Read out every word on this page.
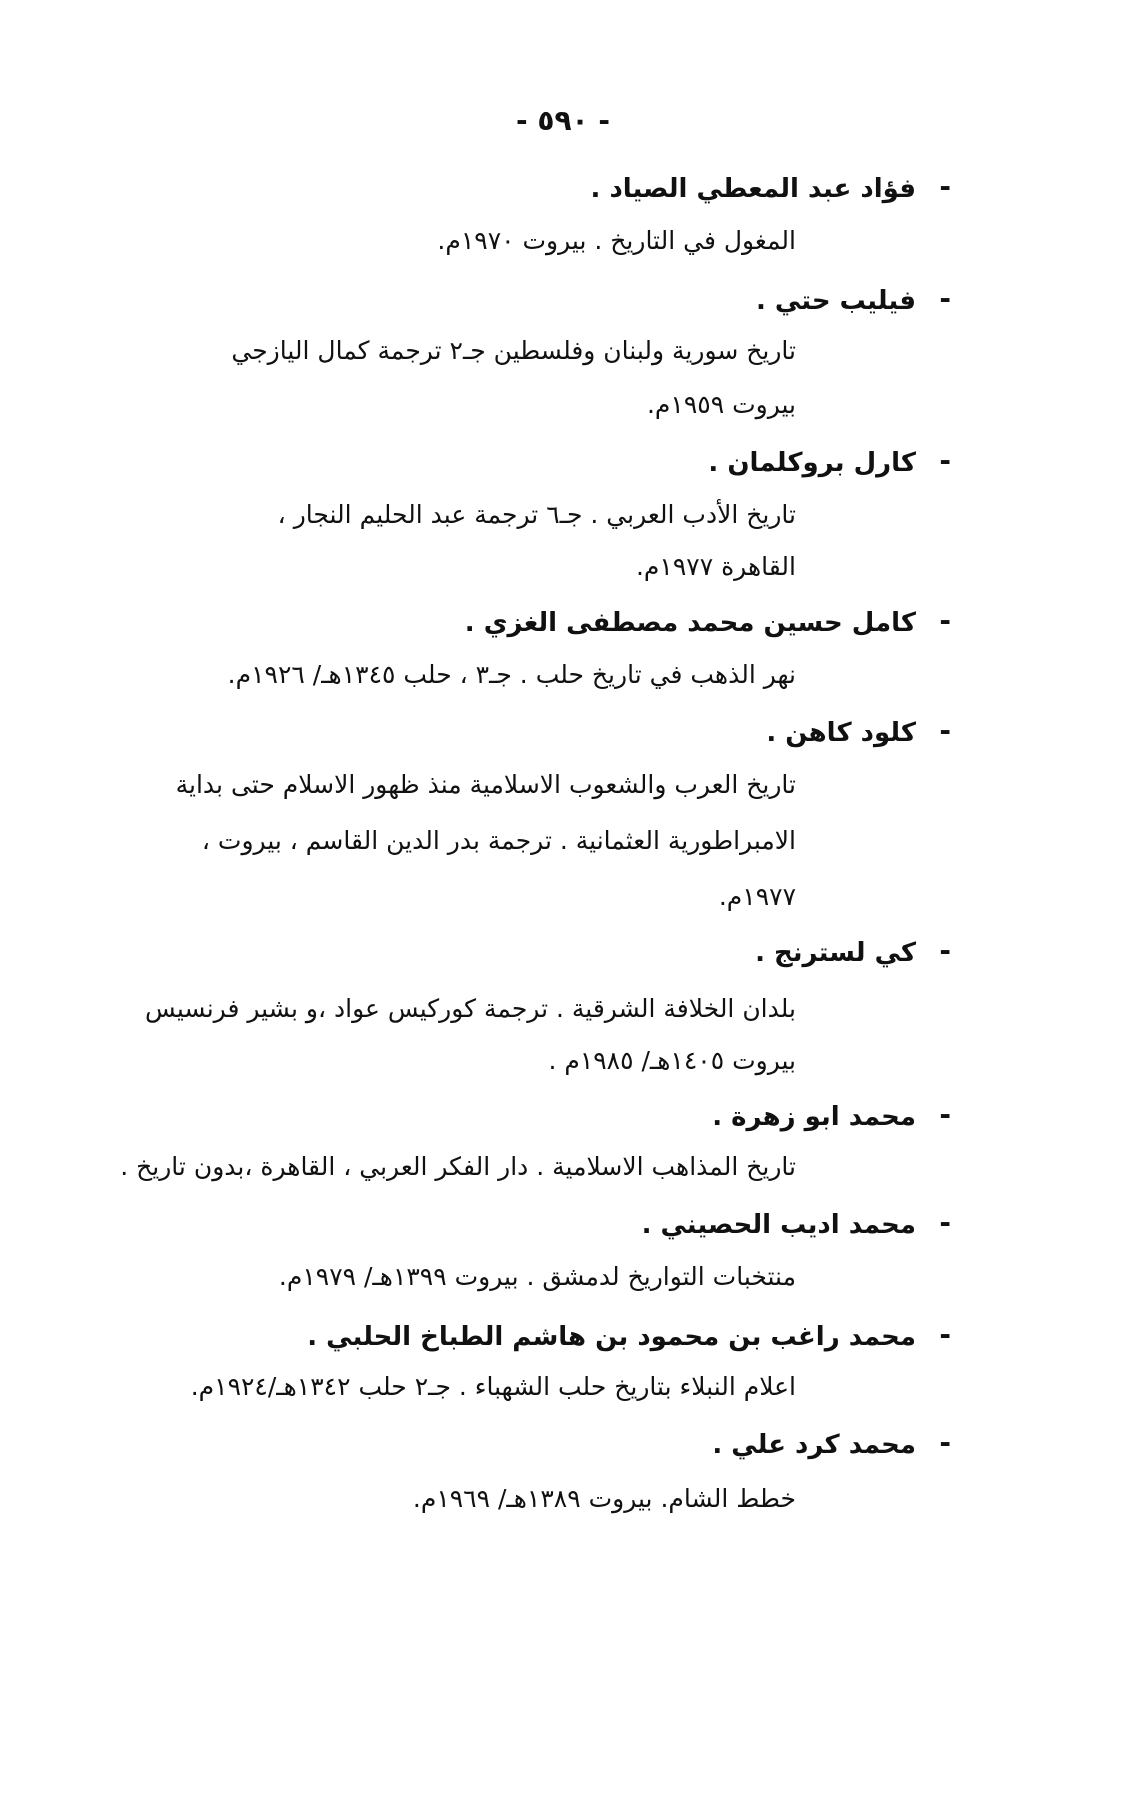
- ٥٩٠ -
-
فؤاد عبد المعطي الصياد .
المغول في التاريخ . بيروت ١٩٧٠م.
-
فيليب حتي .
تاريخ سورية ولبنان وفلسطين جـ٢ ترجمة كمال اليازجي
بيروت ١٩٥٩م.
-
كارل بروكلمان .
تاريخ الأدب العربي . جـ٦ ترجمة عبد الحليم النجار ،
القاهرة ١٩٧٧م.
-
كامل حسين محمد مصطفى الغزي .
نهر الذهب في تاريخ حلب . جـ٣ ، حلب ١٣٤٥هـ/ ١٩٢٦م.
-
كلود كاهن .
تاريخ العرب والشعوب الاسلامية منذ ظهور الاسلام حتى بداية
الامبراطورية العثمانية . ترجمة بدر الدين القاسم ، بيروت ،
١٩٧٧م.
-
كي لسترنج .
بلدان الخلافة الشرقية . ترجمة كوركيس عواد ،و بشير فرنسيس
بيروت ١٤٠٥هـ/ ١٩٨٥م .
-
محمد ابو زهرة .
تاريخ المذاهب الاسلامية . دار الفكر العربي ، القاهرة ،بدون تاريخ .
-
محمد اديب الحصيني .
منتخبات التواريخ لدمشق . بيروت ١٣٩٩هـ/ ١٩٧٩م.
-
محمد راغب بن محمود بن هاشم الطباخ الحلبي .
اعلام النبلاء بتاريخ حلب الشهباء . جـ٢ حلب ١٣٤٢هـ/١٩٢٤م.
-
محمد كرد علي .
خطط الشام. بيروت ١٣٨٩هـ/ ١٩٦٩م.
